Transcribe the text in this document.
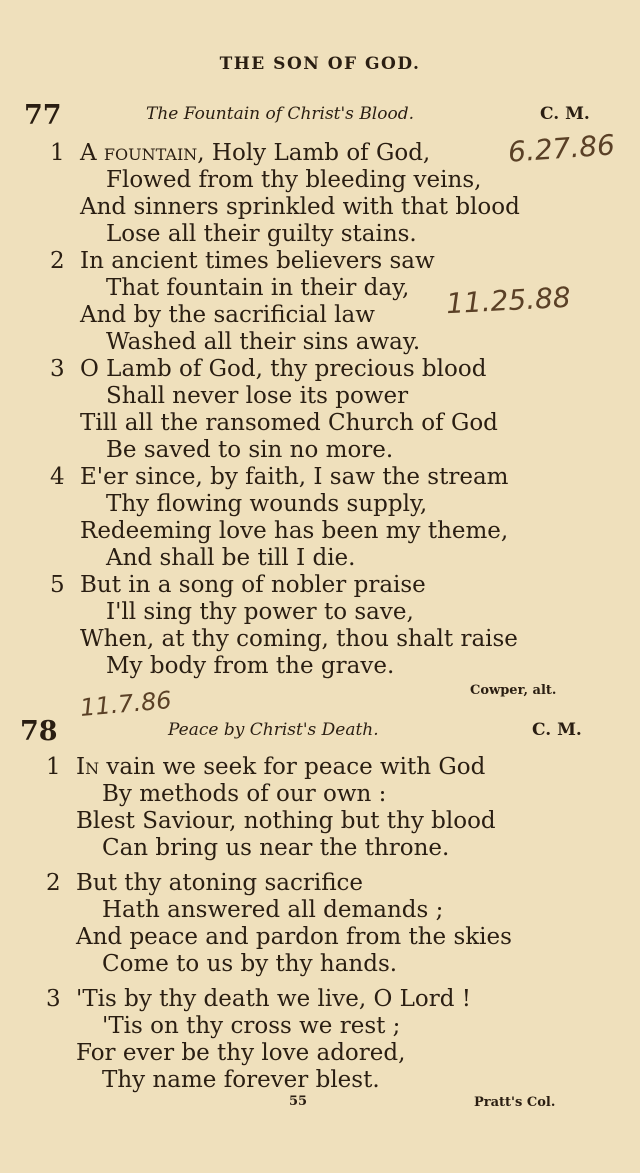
THE SON OF GOD.
77	The Fountain of Christ's Blood.	C. M.
1 A fountain, Holy Lamb of God,
Flowed from thy bleeding veins,
And sinners sprinkled with that blood
Lose all their guilty stains.
2 In ancient times believers saw
That fountain in their day,
And by the sacrificial law
Washed all their sins away.
3 O Lamb of God, thy precious blood
Shall never lose its power
Till all the ransomed Church of God
Be saved to sin no more.
4 E'er since, by faith, I saw the stream
Thy flowing wounds supply,
Redeeming love has been my theme,
And shall be till I die.
5 But in a song of nobler praise
I'll sing thy power to save,
When, at thy coming, thou shalt raise
My body from the grave.
Cowper, alt.
78	Peace by Christ's Death.	C. M.
1 In vain we seek for peace with God
By methods of our own :
Blest Saviour, nothing but thy blood
Can bring us near the throne.
2 But thy atoning sacrifice
Hath answered all demands ;
And peace and pardon from the skies
Come to us by thy hands.
3 'Tis by thy death we live, O Lord !
'Tis on thy cross we rest ;
For ever be thy love adored,
Thy name forever blest.
55	Pratt's Col.
6.27.86
11.25.88
11.7.86
